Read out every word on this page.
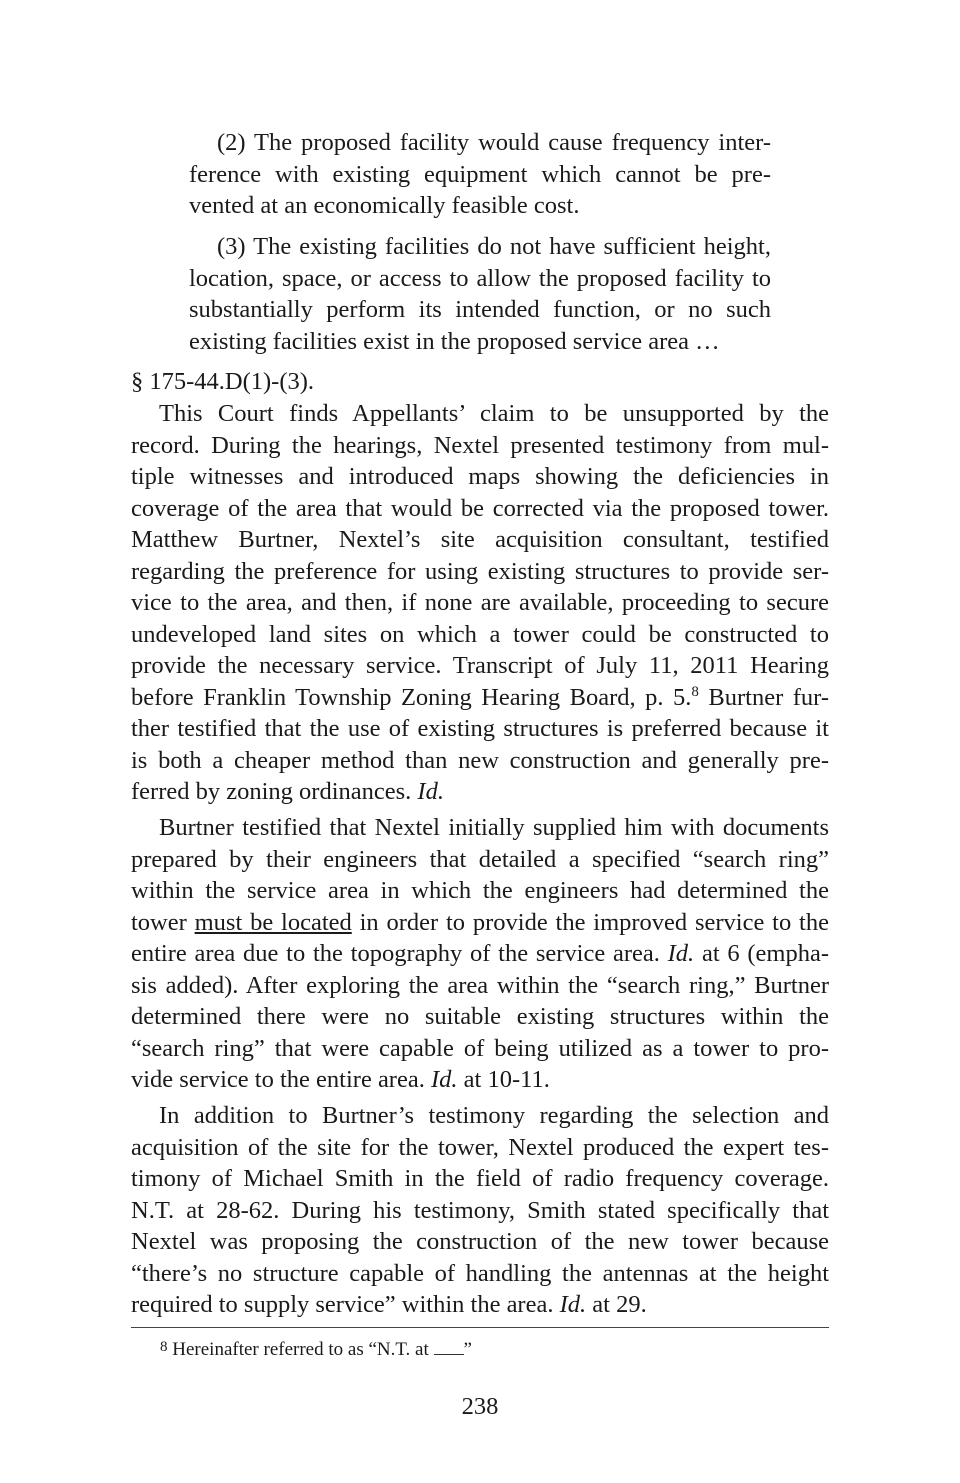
(2) The proposed facility would cause frequency inter-
ference with existing equipment which cannot be pre-
vented at an economically feasible cost.
(3) The existing facilities do not have sufficient height,
location, space, or access to allow the proposed facility to
substantially perform its intended function, or no such
existing facilities exist in the proposed service area …
§ 175-44.D(1)-(3).
This Court finds Appellants’ claim to be unsupported by the
record. During the hearings, Nextel presented testimony from mul-
tiple witnesses and introduced maps showing the deficiencies in
coverage of the area that would be corrected via the proposed tower.
Matthew Burtner, Nextel’s site acquisition consultant, testified
regarding the preference for using existing structures to provide ser-
vice to the area, and then, if none are available, proceeding to secure
undeveloped land sites on which a tower could be constructed to
provide the necessary service. Transcript of July 11, 2011 Hearing
before Franklin Township Zoning Hearing Board, p. 5.$^8$ Burtner fur-
ther testified that the use of existing structures is preferred because it
is both a cheaper method than new construction and generally pre-
ferred by zoning ordinances. Id.
Burtner testified that Nextel initially supplied him with documents
prepared by their engineers that detailed a specified “search ring”
within the service area in which the engineers had determined the
tower must be located in order to provide the improved service to the
entire area due to the topography of the service area. Id. at 6 (empha-
sis added). After exploring the area within the “search ring,” Burtner
determined there were no suitable existing structures within the
“search ring” that were capable of being utilized as a tower to pro-
vide service to the entire area. Id. at 10-11.
In addition to Burtner’s testimony regarding the selection and
acquisition of the site for the tower, Nextel produced the expert tes-
timony of Michael Smith in the field of radio frequency coverage.
N.T. at 28-62. During his testimony, Smith stated specifically that
Nextel was proposing the construction of the new tower because
“there’s no structure capable of handling the antennas at the height
required to supply service” within the area. Id. at 29.
$^8$ Hereinafter referred to as “N.T. at ”
238
